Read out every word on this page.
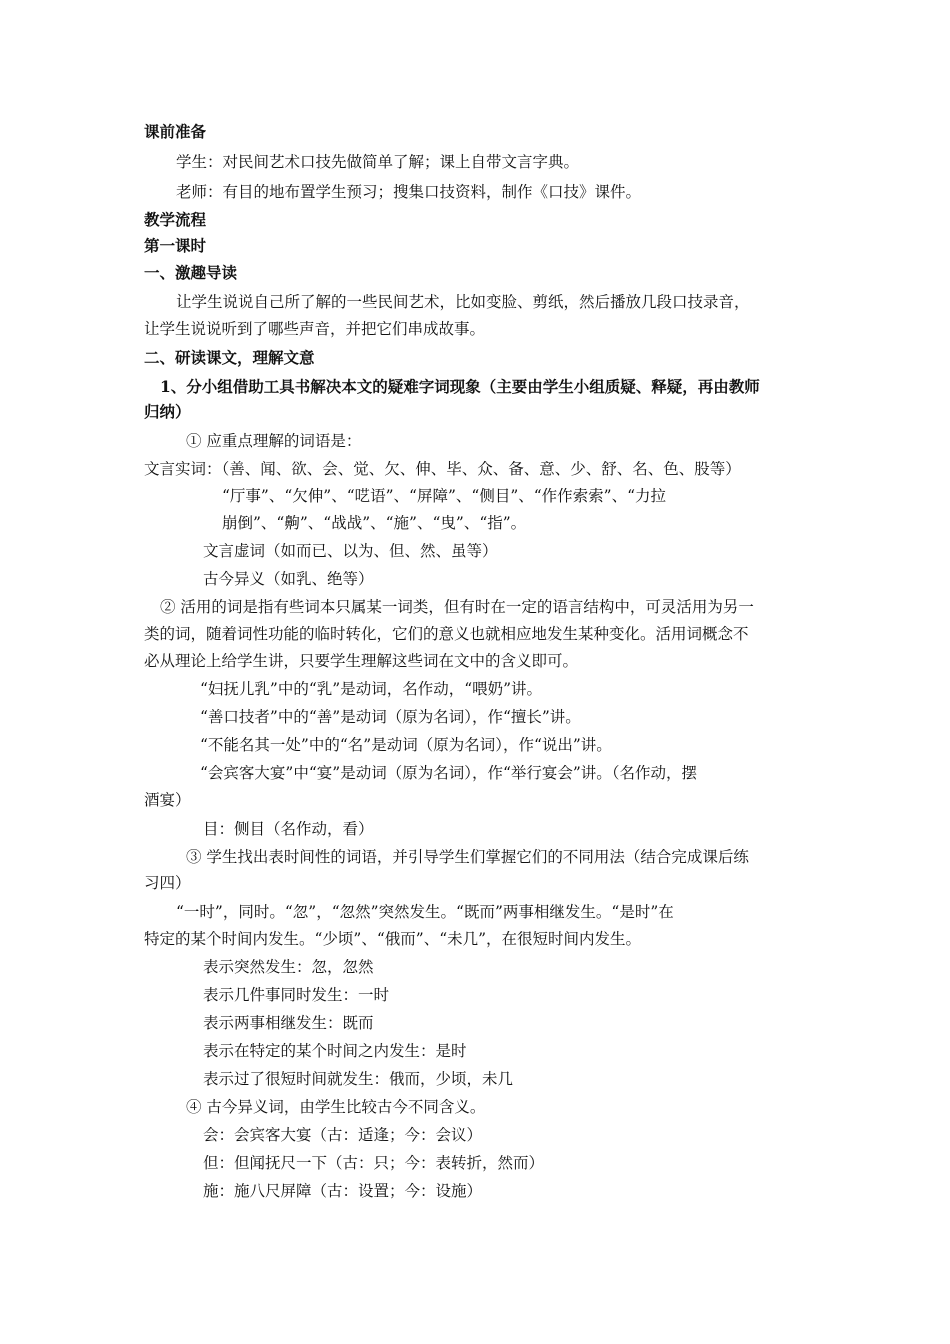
课前准备
学生：对民间艺术口技先做简单了解；课上自带文言字典。
老师：有目的地布置学生预习；搜集口技资料，制作《口技》课件。
教学流程
第一课时
一、激趣导读
让学生说说自己所了解的一些民间艺术，比如变脸、剪纸，然后播放几段口技录音，
让学生说说听到了哪些声音，并把它们串成故事。
二、研读课文，理解文意
1、分小组借助工具书解决本文的疑难字词现象（主要由学生小组质疑、释疑，再由教师
归纳）
① 应重点理解的词语是：
文言实词：（善、闻、欲、会、觉、欠、伸、毕、众、备、意、少、舒、名、色、股等）
“厅事”、“欠伸”、“呓语”、“屏障”、“侧目”、“作作索索”、“力拉
崩倒”、“齁”、“战战”、“施”、“曳”、“指”。
文言虚词（如而已、以为、但、然、虽等）
古今异义（如乳、绝等）
② 活用的词是指有些词本只属某一词类，但有时在一定的语言结构中，可灵活用为另一
类的词，随着词性功能的临时转化，它们的意义也就相应地发生某种变化。活用词概念不
必从理论上给学生讲，只要学生理解这些词在文中的含义即可。
“妇抚儿乳”中的“乳”是动词，名作动，“喂奶”讲。
“善口技者”中的“善”是动词（原为名词），作“擅长”讲。
“不能名其一处”中的“名”是动词（原为名词），作“说出”讲。
“会宾客大宴”中“宴”是动词（原为名词），作“举行宴会”讲。（名作动，摆
酒宴）
目：侧目（名作动，看）
③ 学生找出表时间性的词语，并引导学生们掌握它们的不同用法（结合完成课后练
习四）
“一时”，同时。“忽”，“忽然”突然发生。“既而”两事相继发生。“是时”在
特定的某个时间内发生。“少顷”、“俄而”、“未几”，在很短时间内发生。
表示突然发生：忽，忽然
表示几件事同时发生：一时
表示两事相继发生：既而
表示在特定的某个时间之内发生：是时
表示过了很短时间就发生：俄而，少顷，未几
④ 古今异义词，由学生比较古今不同含义。
会：会宾客大宴（古：适逢；今：会议）
但：但闻抚尺一下（古：只；今：表转折，然而）
施：施八尺屏障（古：设置；今：设施）
